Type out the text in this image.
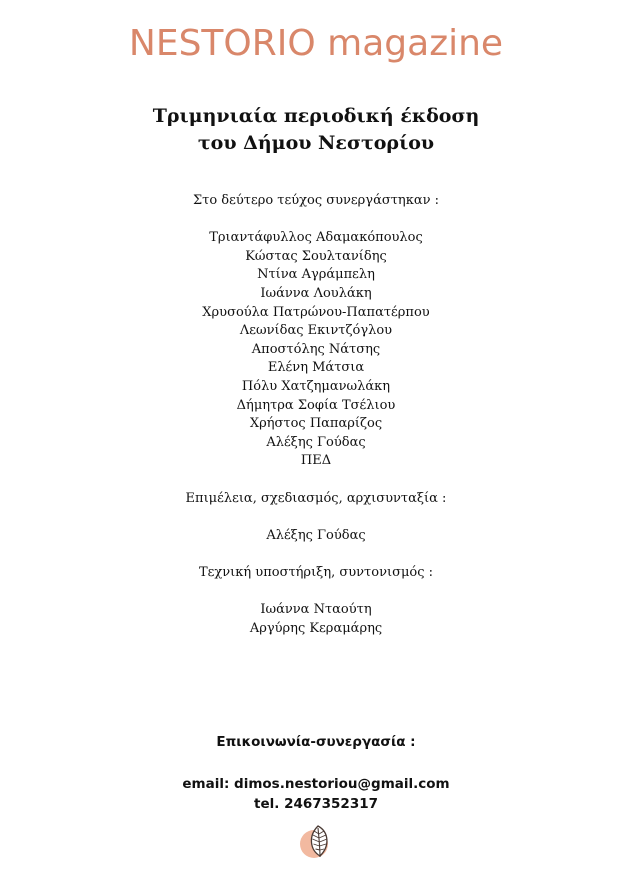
NESTORIO magazine
Τριμηνιαία περιοδική έκδοση
του Δήμου Νεστορίου
Στο δεύτερο τεύχος συνεργάστηκαν :
Τριαντάφυλλος Αδαμακόπουλος
Κώστας Σουλτανίδης
Ντίνα Αγράμπελη
Ιωάννα Λουλάκη
Χρυσούλα Πατρώνου-Παπατέρπου
Λεωνίδας Εκιντζόγλου
Αποστόλης Νάτσης
Ελένη Μάτσια
Πόλυ Χατζημανωλάκη
Δήμητρα Σοφία Τσέλιου
Χρήστος Παπαρίζος
Αλέξης Γούδας
ΠΕΔ
Επιμέλεια, σχεδιασμός, αρχισυνταξία :
Αλέξης Γούδας
Τεχνική υποστήριξη, συντονισμός :
Ιωάννα Νταούτη
Αργύρης Κεραμάρης
Επικοινωνία-συνεργασία :
email: dimos.nestoriou@gmail.com
tel. 2467352317
